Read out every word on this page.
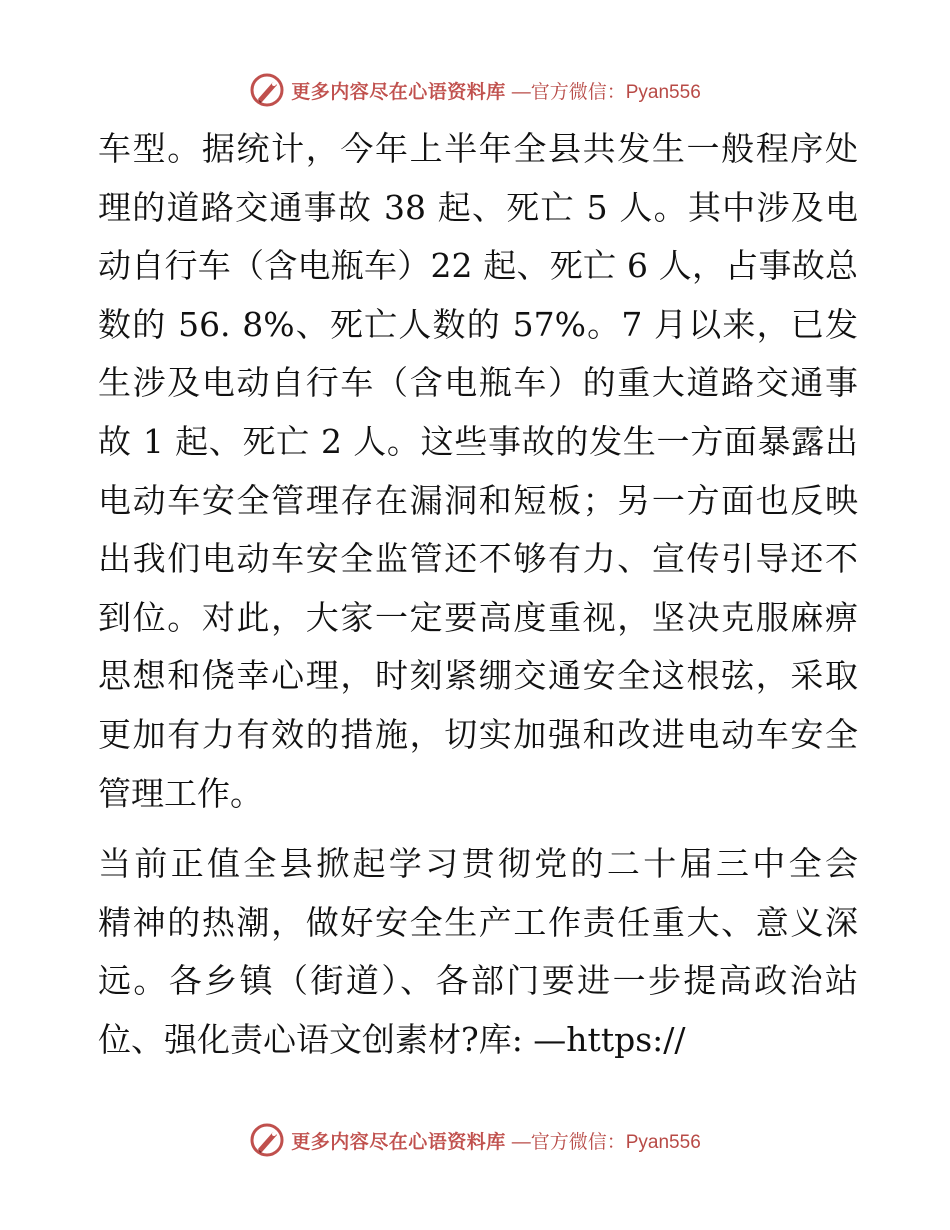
更多内容尽在心语资料库 —官方微信：Pyan556
车型。据统计，今年上半年全县共发生一般程序处
理的道路交通事故 38 起、死亡 5 人。其中涉及电
动自行车（含电瓶车）22 起、死亡 6 人，占事故总
数的 56. 8%、死亡人数的 57%。7 月以来，已发
生涉及电动自行车（含电瓶车）的重大道路交通事
故 1 起、死亡 2 人。这些事故的发生一方面暴露出
电动车安全管理存在漏洞和短板；另一方面也反映
出我们电动车安全监管还不够有力、宣传引导还不
到位。对此，大家一定要高度重视，坚决克服麻痹
思想和侥幸心理，时刻紧绷交通安全这根弦，采取
更加有力有效的措施，切实加强和改进电动车安全
管理工作。
当前正值全县掀起学习贯彻党的二十届三中全会
精神的热潮，做好安全生产工作责任重大、意义深
远。各乡镇（街道）、各部门要进一步提高政治站
位、强化责心语文创素材?库: —https://
更多内容尽在心语资料库 —官方微信：Pyan556
